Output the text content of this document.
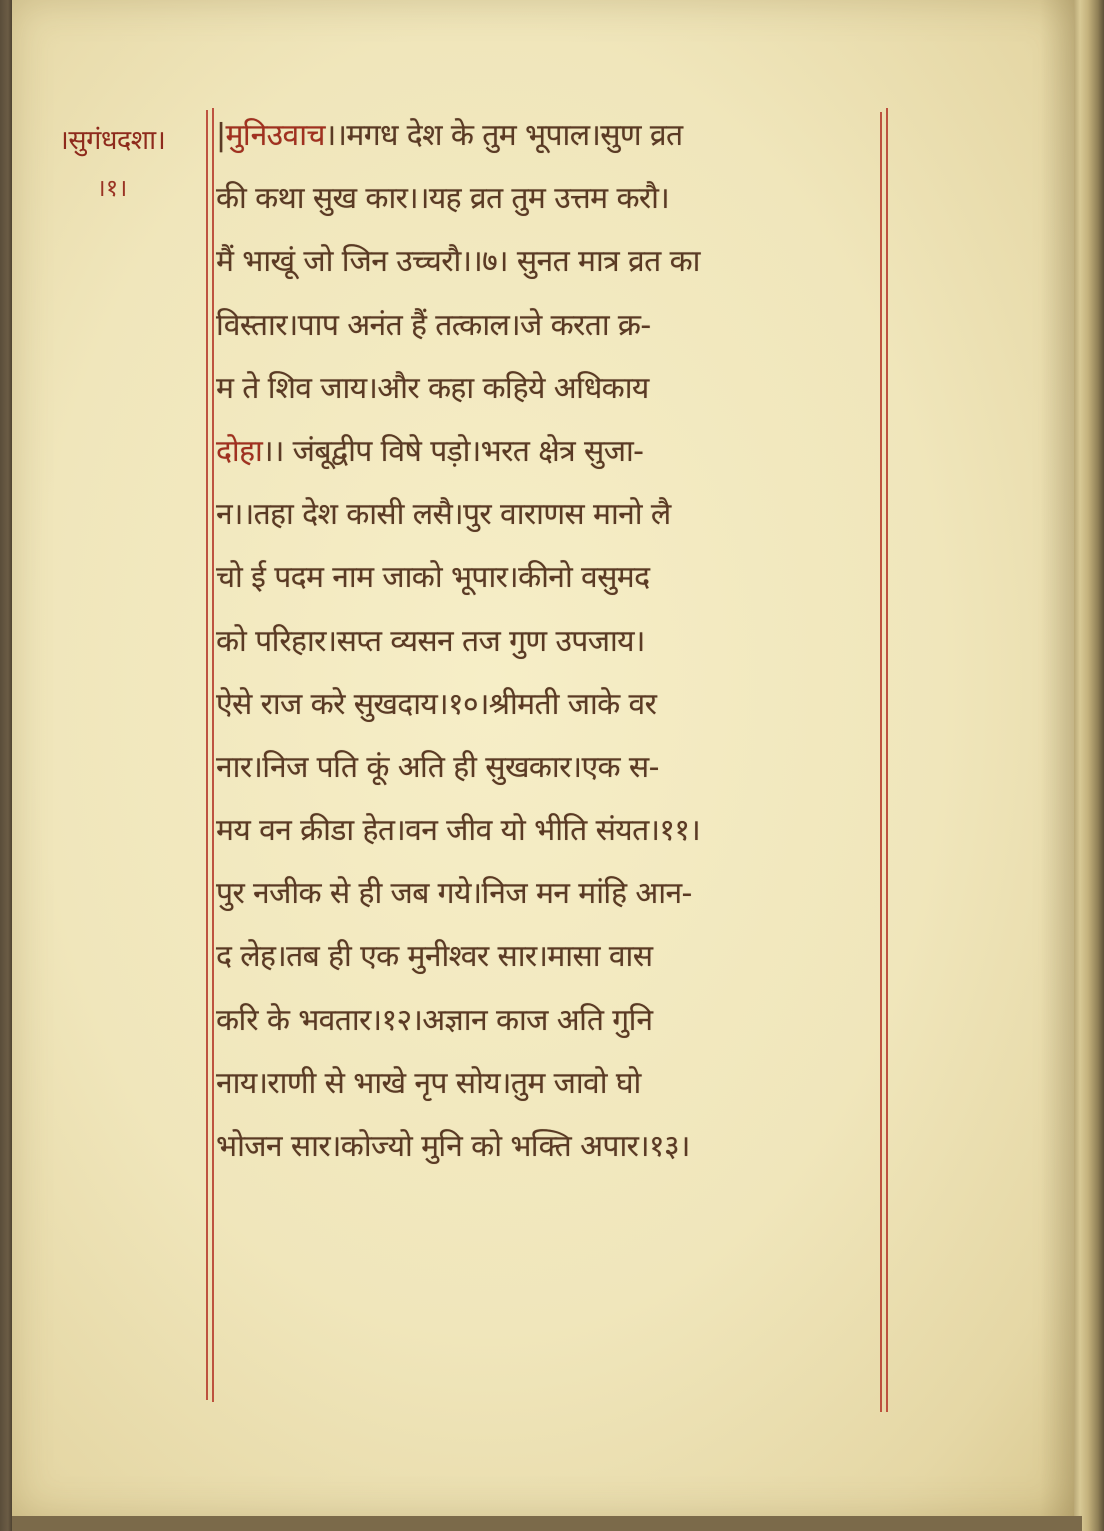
।सुगंधदशा।
।१।
|मुनिउवाच।।मगध देश के तुम भूपाल।सुण व्रत
की कथा सुख कार।।यह व्रत तुम उत्तम करौ।
मैं भाखूं जो जिन उच्चरौ।।७। सुनत मात्र व्रत का
विस्तार।पाप अनंत हैं तत्काल।जे करता क्र-
म ते शिव जाय।और कहा कहिये अधिकाय
दोहा।। जंबूद्वीप विषे पड़ो।भरत क्षेत्र सुजा-
न।।तहा देश कासी लसै।पुर वाराणस मानो लै
चो ई पदम नाम जाको भूपार।कीनो वसुमद
को परिहार।सप्त व्यसन तज गुण उपजाय।
ऐसे राज करे सुखदाय।१०।श्रीमती जाके वर
नार।निज पति कूं अति ही सुखकार।एक स-
मय वन क्रीडा हेत।वन जीव यो भीति संयत।११।
पुर नजीक से ही जब गये।निज मन मांहि आन-
द लेह।तब ही एक मुनीश्वर सार।मासा वास
करि के भवतार।१२।अज्ञान काज अति गुनि
नाय।राणी से भाखे नृप सोय।तुम जावो घो
भोजन सार।कोज्यो मुनि को भक्ति अपार।१३।
